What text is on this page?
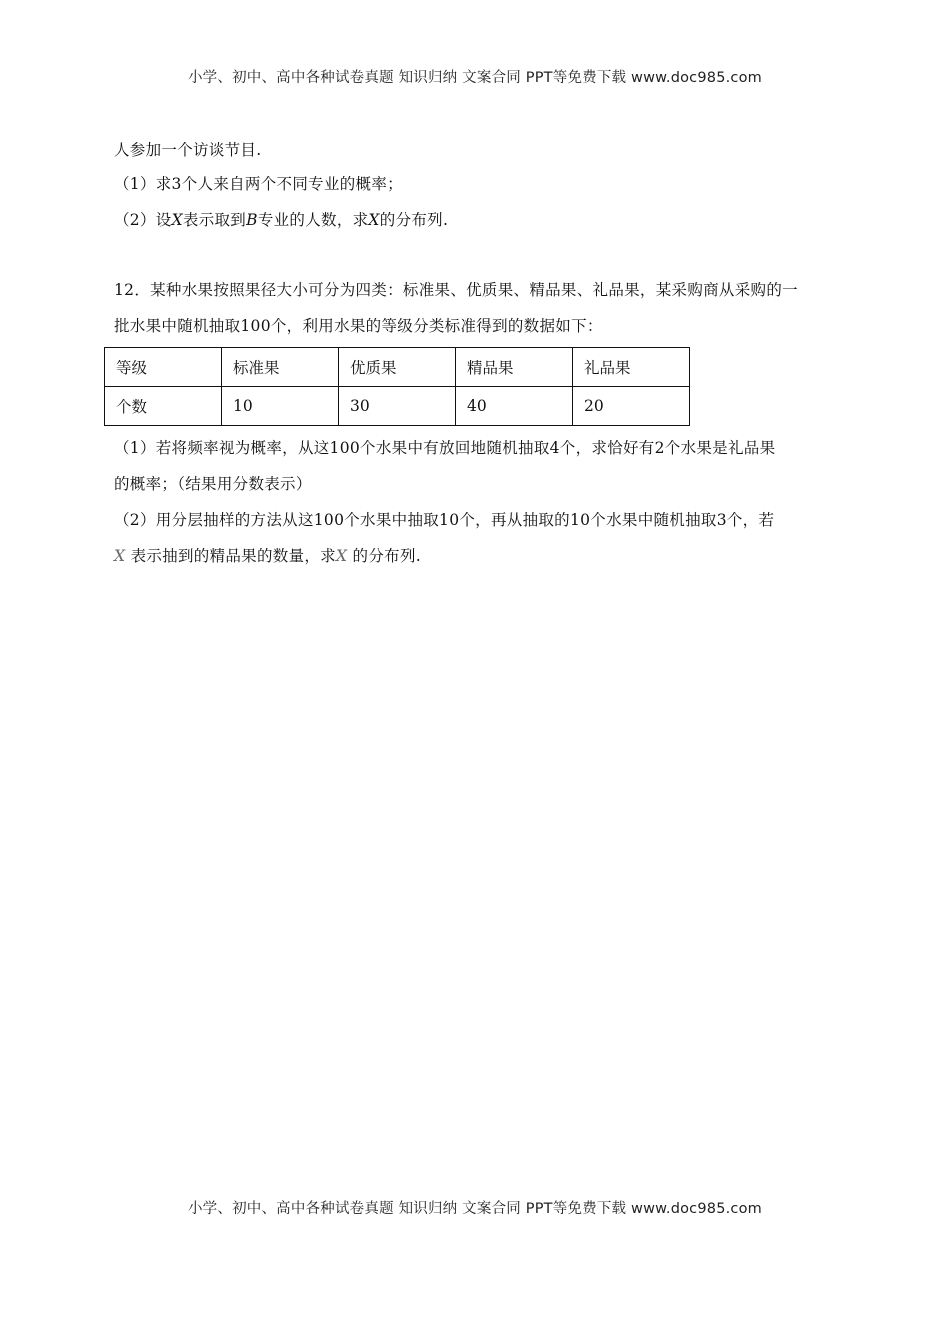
小学、初中、高中各种试卷真题 知识归纳 文案合同 PPT等免费下载 www.doc985.com
人参加一个访谈节目.
（1）求3个人来自两个不同专业的概率；
（2）设X表示取到B专业的人数，求X的分布列.
12．某种水果按照果径大小可分为四类：标准果、优质果、精品果、礼品果，某采购商从采购的一
批水果中随机抽取100个，利用水果的等级分类标准得到的数据如下：
等级	标准果	优质果	精品果	礼品果
个数	10	30	40	20
（1）若将频率视为概率，从这100个水果中有放回地随机抽取4个，求恰好有2个水果是礼品果
的概率；（结果用分数表示）
（2）用分层抽样的方法从这100个水果中抽取10个，再从抽取的10个水果中随机抽取3个，若
X 表示抽到的精品果的数量，求X 的分布列.
小学、初中、高中各种试卷真题 知识归纳 文案合同 PPT等免费下载 www.doc985.com
